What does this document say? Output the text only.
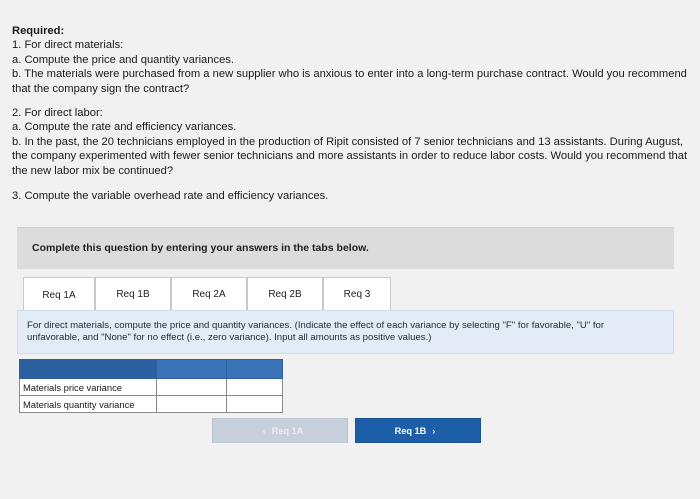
Required:

1. For direct materials:

a. Compute the price and quantity variances.

b. The materials were purchased from a new supplier who is anxious to enter into a long-term purchase contract. Would you recommend that the company sign the contract?

2. For direct labor:

a. Compute the rate and efficiency variances.

b. In the past, the 20 technicians employed in the production of Ripit consisted of 7 senior technicians and 13 assistants. During August, the company experimented with fewer senior technicians and more assistants in order to reduce labor costs. Would you recommend that the new labor mix be continued?

3. Compute the variable overhead rate and efficiency variances.

Complete this question by entering your answers in the tabs below.
Req 1A	Req 1B	Req 2A	Req 2B	Req 3
For direct materials, compute the price and quantity variances. (Indicate the effect of each variance by selecting "F" for favorable, "U" for unfavorable, and "None" for no effect (i.e., zero variance). Input all amounts as positive values.)

Materials price variance		
Materials quantity variance		
‹ Req 1A	Req 1B ›
